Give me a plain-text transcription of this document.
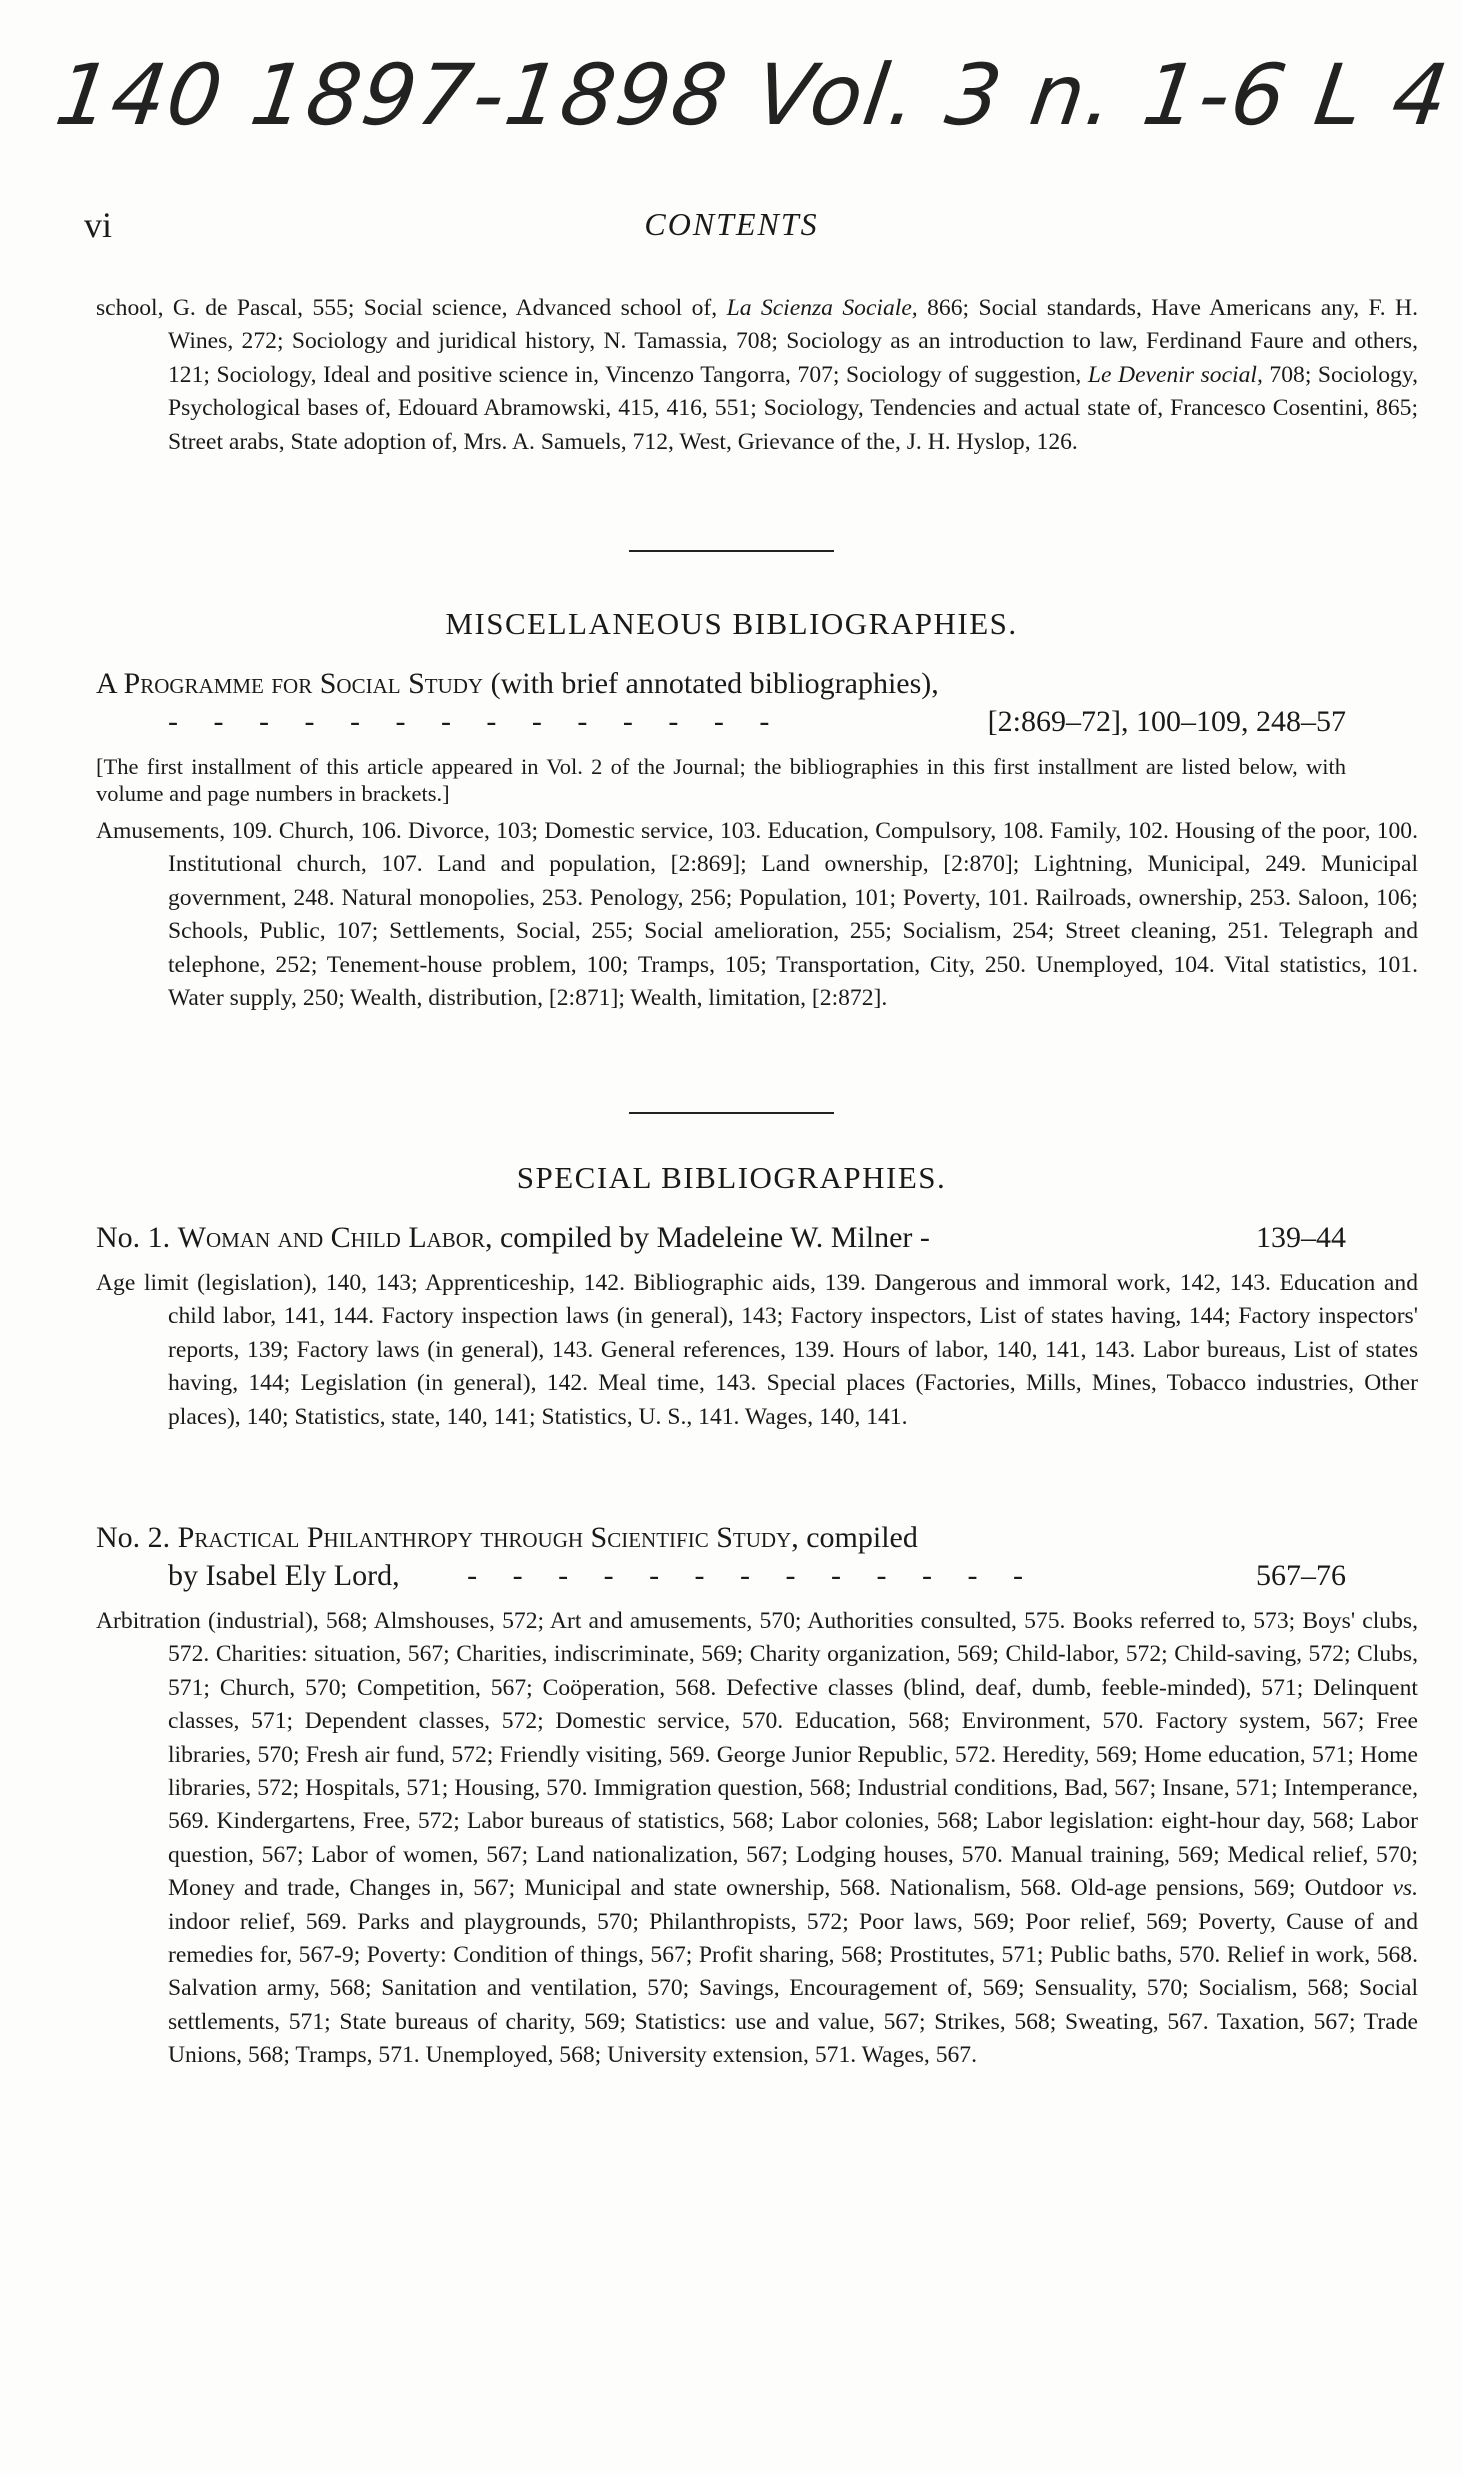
140 1897-1898 Vol. 3 n. 1-6 L 4
vi	CONTENTS
school, G. de Pascal, 555; Social science, Advanced school of, La Scienza Sociale, 866; Social standards, Have Americans any, F. H. Wines, 272; Sociology and juridical history, N. Tamassia, 708; Sociology as an introduction to law, Ferdinand Faure and others, 121; Sociology, Ideal and positive science in, Vincenzo Tangorra, 707; Sociology of suggestion, Le Devenir social, 708; Sociology, Psychological bases of, Edouard Abramowski, 415, 416, 551; Sociology, Tendencies and actual state of, Francesco Cosentini, 865; Street arabs, State adoption of, Mrs. A. Samuels, 712, West, Grievance of the, J. H. Hyslop, 126.
MISCELLANEOUS BIBLIOGRAPHIES.
A Programme for Social Study (with brief annotated bibliographies),
- - - - - - - - - - - - - -	[2:869–72], 100–109, 248–57
[The first installment of this article appeared in Vol. 2 of the Journal; the bibliographies in this first installment are listed below, with volume and page numbers in brackets.]
Amusements, 109. Church, 106. Divorce, 103; Domestic service, 103. Education, Compulsory, 108. Family, 102. Housing of the poor, 100. Institutional church, 107. Land and population, [2:869]; Land ownership, [2:870]; Lightning, Municipal, 249. Municipal government, 248. Natural monopolies, 253. Penology, 256; Population, 101; Poverty, 101. Railroads, ownership, 253. Saloon, 106; Schools, Public, 107; Settlements, Social, 255; Social amelioration, 255; Socialism, 254; Street cleaning, 251. Telegraph and telephone, 252; Tenement-house problem, 100; Tramps, 105; Transportation, City, 250. Unemployed, 104. Vital statistics, 101. Water supply, 250; Wealth, distribution, [2:871]; Wealth, limitation, [2:872].
SPECIAL BIBLIOGRAPHIES.
No. 1. Woman and Child Labor, compiled by Madeleine W. Milner -	139–44
Age limit (legislation), 140, 143; Apprenticeship, 142. Bibliographic aids, 139. Dangerous and immoral work, 142, 143. Education and child labor, 141, 144. Factory inspection laws (in general), 143; Factory inspectors, List of states having, 144; Factory inspectors' reports, 139; Factory laws (in general), 143. General references, 139. Hours of labor, 140, 141, 143. Labor bureaus, List of states having, 144; Legislation (in general), 142. Meal time, 143. Special places (Factories, Mills, Mines, Tobacco industries, Other places), 140; Statistics, state, 140, 141; Statistics, U. S., 141. Wages, 140, 141.
No. 2. Practical Philanthropy through Scientific Study, compiled
by Isabel Ely Lord, - - - - - - - - - - - - -	567–76
Arbitration (industrial), 568; Almshouses, 572; Art and amusements, 570; Authorities consulted, 575. Books referred to, 573; Boys' clubs, 572. Charities: situation, 567; Charities, indiscriminate, 569; Charity organization, 569; Child-labor, 572; Child-saving, 572; Clubs, 571; Church, 570; Competition, 567; Coöperation, 568. Defective classes (blind, deaf, dumb, feeble-minded), 571; Delinquent classes, 571; Dependent classes, 572; Domestic service, 570. Education, 568; Environment, 570. Factory system, 567; Free libraries, 570; Fresh air fund, 572; Friendly visiting, 569. George Junior Republic, 572. Heredity, 569; Home education, 571; Home libraries, 572; Hospitals, 571; Housing, 570. Immigration question, 568; Industrial conditions, Bad, 567; Insane, 571; Intemperance, 569. Kindergartens, Free, 572; Labor bureaus of statistics, 568; Labor colonies, 568; Labor legislation: eight-hour day, 568; Labor question, 567; Labor of women, 567; Land nationalization, 567; Lodging houses, 570. Manual training, 569; Medical relief, 570; Money and trade, Changes in, 567; Municipal and state ownership, 568. Nationalism, 568. Old-age pensions, 569; Outdoor vs. indoor relief, 569. Parks and playgrounds, 570; Philanthropists, 572; Poor laws, 569; Poor relief, 569; Poverty, Cause of and remedies for, 567-9; Poverty: Condition of things, 567; Profit sharing, 568; Prostitutes, 571; Public baths, 570. Relief in work, 568. Salvation army, 568; Sanitation and ventilation, 570; Savings, Encouragement of, 569; Sensuality, 570; Socialism, 568; Social settlements, 571; State bureaus of charity, 569; Statistics: use and value, 567; Strikes, 568; Sweating, 567. Taxation, 567; Trade Unions, 568; Tramps, 571. Unemployed, 568; University extension, 571. Wages, 567.
